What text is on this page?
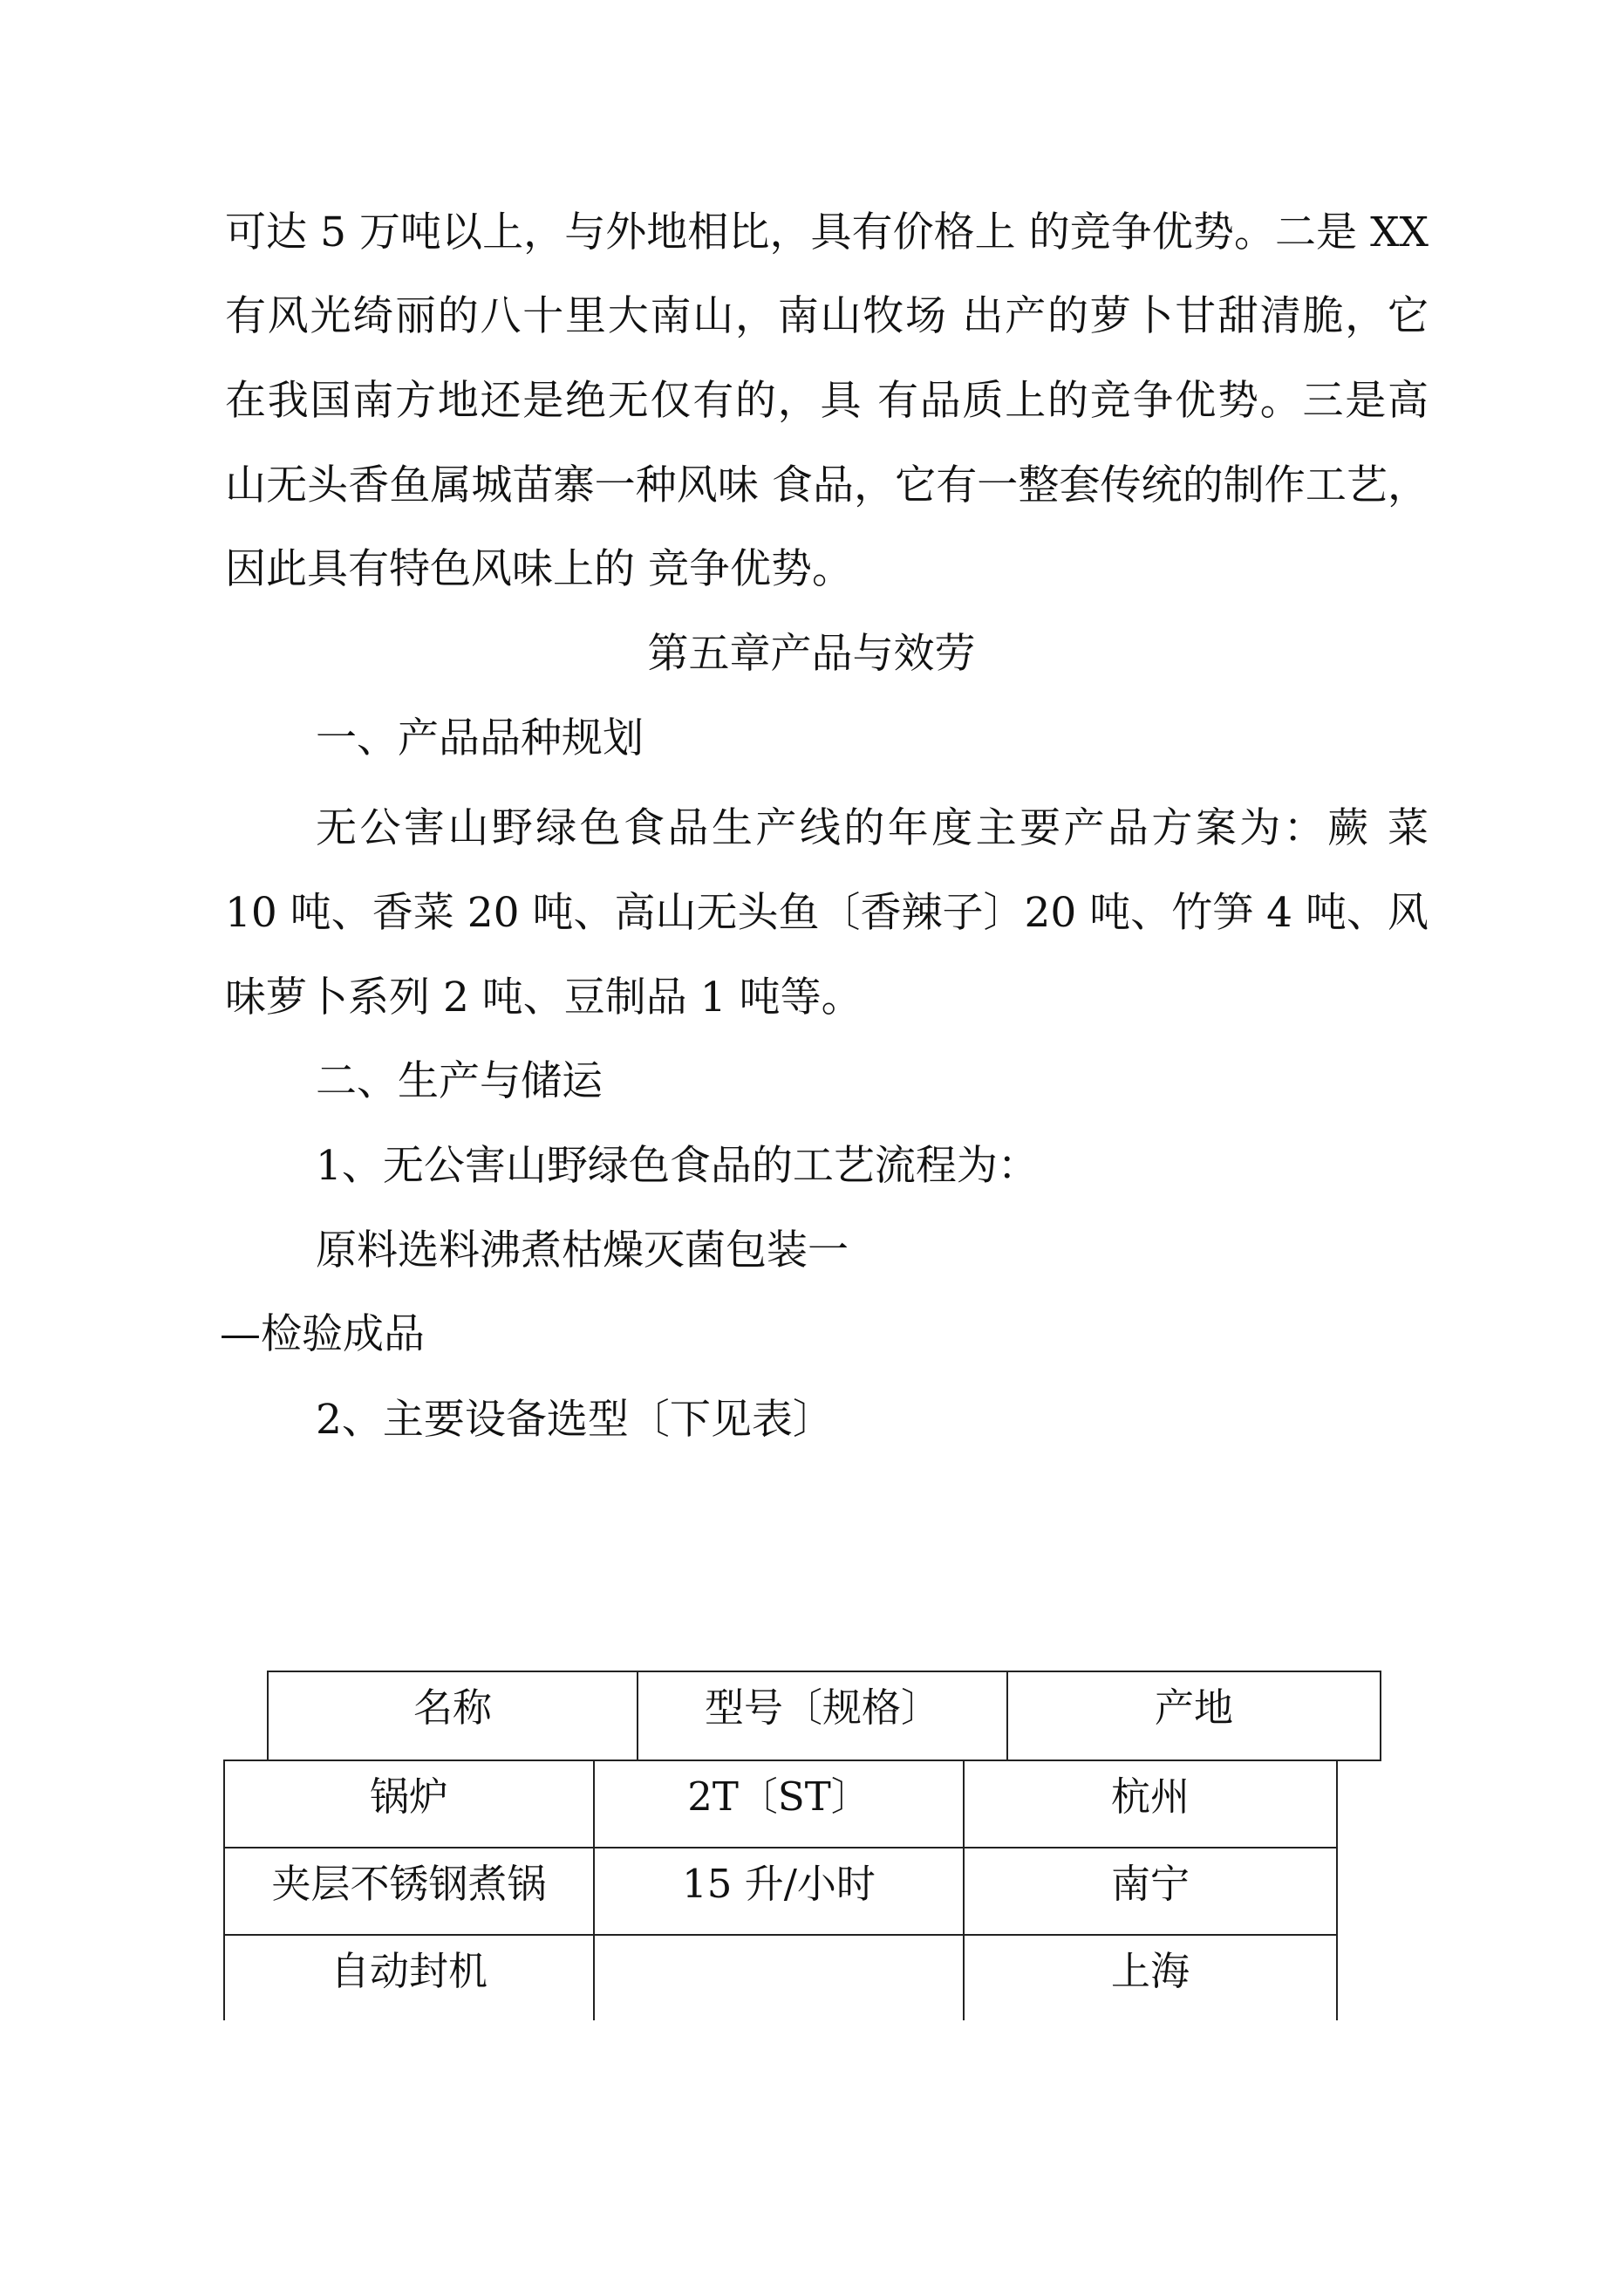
可达 5 万吨以上，与外地相比，具有价格上 的竞争优势。二是 XX

有风光绮丽的八十里大南山，南山牧场 出产的萝卜甘甜清脆，它

在我国南方地还是绝无仅有的，具 有品质上的竞争优势。三是高

山无头香鱼属城苗寨一种风味 食品，它有一整套传统的制作工艺，

因此具有特色风味上的 竞争优势。

第五章产品与效劳

一、产品品种规划

无公害山野绿色食品生产线的年度主要产品方案为：蕨 菜

10 吨、香菜 20 吨、高山无头鱼〔香辣子〕20 吨、竹笋 4 吨、风

味萝卜系列 2 吨、豆制品 1 吨等。

二、生产与储运

1、无公害山野绿色食品的工艺流程为：

原料选料沸煮枯燥灭菌包装一

—检验成品

2、主要设备选型〔下见表〕

名称	型号〔规格〕	产地
锅炉	2T〔ST〕	杭州
夹层不锈钢煮锅	15 升/小时	南宁
自动封机		上海
